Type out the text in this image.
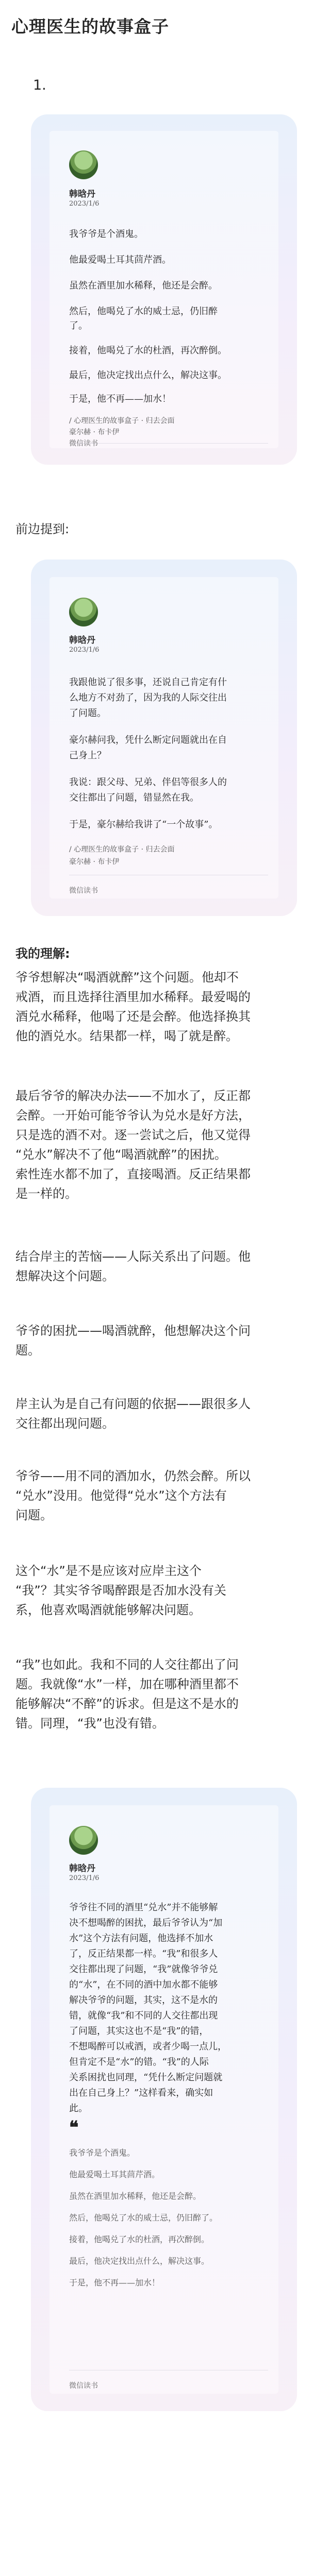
心理医生的故事盒子
1.
韩晗丹
2023/1/6
我爷爷是个酒鬼。
他最爱喝土耳其茴芹酒。
虽然在酒里加水稀释，他还是会醉。
然后，他喝兑了水的威士忌，仍旧醉
了。
接着，他喝兑了水的杜酒，再次醉倒。
最后，他决定找出点什么，解决这事。
于是，他不再——加水！
/ 心理医生的故事盒子 · 归去会面
豪尔赫 · 布卡伊
微信读书
前边提到:
韩晗丹
2023/1/6
我跟他说了很多事，还说自己肯定有什
么地方不对劲了，因为我的人际交往出
了问题。
豪尔赫问我，凭什么断定问题就出在自
己身上？
我说：跟父母、兄弟、伴侣等很多人的
交往都出了问题，错显然在我。
于是，豪尔赫给我讲了“一个故事”。
/ 心理医生的故事盒子 · 归去会面
豪尔赫 · 布卡伊
微信读书
我的理解:
爷爷想解决“喝酒就醉”这个问题。他却不
戒酒，而且选择往酒里加水稀释。最爱喝的
酒兑水稀释，他喝了还是会醉。他选择换其
他的酒兑水。结果都一样，喝了就是醉。
最后爷爷的解决办法——不加水了，反正都
会醉。一开始可能爷爷认为兑水是好方法，
只是选的酒不对。逐一尝试之后，他又觉得
“兑水”解决不了他“喝酒就醉”的困扰。
索性连水都不加了，直接喝酒。反正结果都
是一样的。
结合岸主的苦恼——人际关系出了问题。他
想解决这个问题。
爷爷的困扰——喝酒就醉，他想解决这个问
题。
岸主认为是自己有问题的依据——跟很多人
交往都出现问题。
爷爷——用不同的酒加水，仍然会醉。所以
“兑水”没用。他觉得“兑水”这个方法有
问题。
这个“水”是不是应该对应岸主这个
“我”？其实爷爷喝醉跟是否加水没有关
系，他喜欢喝酒就能够解决问题。
“我”也如此。我和不同的人交往都出了问
题。我就像“水”一样，加在哪种酒里都不
能够解决“不醉”的诉求。但是这不是水的
错。同理，“我”也没有错。
韩晗丹
2023/1/6
爷爷往不同的酒里“兑水”并不能够解
决不想喝醉的困扰，最后爷爷认为“加
水”这个方法有问题，他选择不加水
了，反正结果都一样。“我”和很多人
交往都出现了问题，“我”就像爷爷兑
的“水”，在不同的酒中加水都不能够
解决爷爷的问题，其实，这不是水的
错，就像“我”和不同的人交往都出现
了问题，其实这也不是“我”的错，
不想喝醉可以戒酒，或者少喝一点儿，
但肯定不是“水”的错。“我”的人际
关系困扰也同理，“凭什么断定问题就
出在自己身上？”这样看来，确实如
此。
❝
我爷爷是个酒鬼。
他最爱喝土耳其茴芹酒。
虽然在酒里加水稀释，他还是会醉。
然后，他喝兑了水的威士忌，仍旧醉了。
接着，他喝兑了水的杜酒，再次醉倒。
最后，他决定找出点什么，解决这事。
于是，他不再——加水！
微信读书
